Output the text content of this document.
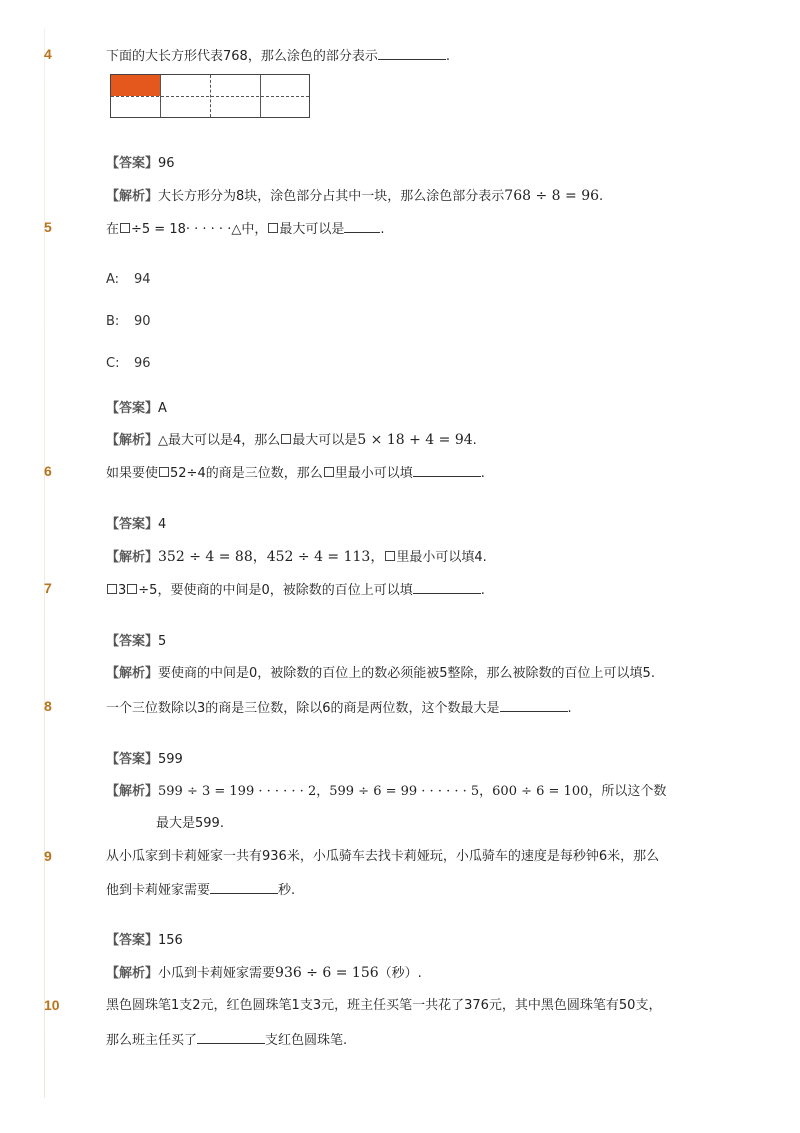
4	下面的大长方形代表768，那么涂色的部分表示	.
【答案】96
【解析】大长方形分为8块，涂色部分占其中一块，那么涂色部分表示768 ÷ 8 = 96.
5	在 ÷5 = 18· · · · · ·△中， 最大可以是	.
A: 94
B: 90
C: 96
【答案】A
【解析】△最大可以是4，那么 最大可以是5 × 18 + 4 = 94.
6	如果要使 52÷4的商是三位数，那么 里最小可以填	.
【答案】4
【解析】352 ÷ 4 = 88，452 ÷ 4 = 113， 里最小可以填4.
7	3 ÷5，要使商的中间是0，被除数的百位上可以填	.
【答案】5
【解析】要使商的中间是0，被除数的百位上的数必须能被5整除，那么被除数的百位上可以填5.
8	一个三位数除以3的商是三位数，除以6的商是两位数，这个数最大是	.
【答案】599
【解析】599 ÷ 3 = 199 · · · · · · 2，599 ÷ 6 = 99 · · · · · · 5，600 ÷ 6 = 100，所以这个数
最大是599.
9	从小瓜家到卡莉娅家一共有936米，小瓜骑车去找卡莉娅玩，小瓜骑车的速度是每秒钟6米，那么
他到卡莉娅家需要	秒.
【答案】156
【解析】小瓜到卡莉娅家需要936 ÷ 6 = 156（秒）.
10	黑色圆珠笔1支2元，红色圆珠笔1支3元，班主任买笔一共花了376元，其中黑色圆珠笔有50支，
那么班主任买了	支红色圆珠笔.
